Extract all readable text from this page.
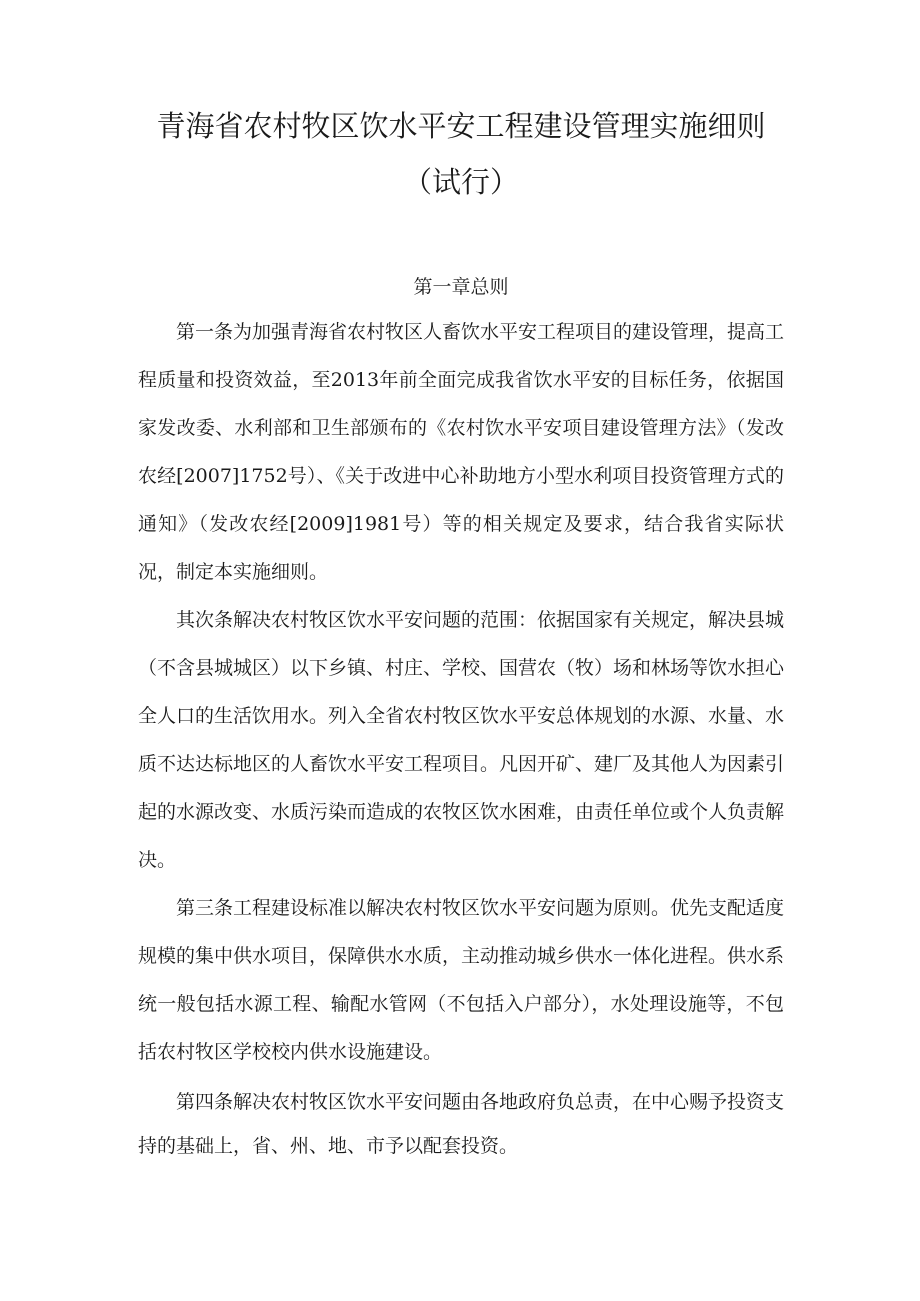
青海省农村牧区饮水平安工程建设管理实施细则
（试行）
第一章总则

第一条为加强青海省农村牧区人畜饮水平安工程项目的建设管理，提高工程质量和投资效益，至2013年前全面完成我省饮水平安的目标任务，依据国家发改委、水利部和卫生部颁布的《农村饮水平安项目建设管理方法》（发改农经[2007]1752号）、《关于改进中心补助地方小型水利项目投资管理方式的通知》（发改农经[2009]1981号）等的相关规定及要求，结合我省实际状况，制定本实施细则。

其次条解决农村牧区饮水平安问题的范围：依据国家有关规定，解决县城（不含县城城区）以下乡镇、村庄、学校、国营农（牧）场和林场等饮水担心全人口的生活饮用水。列入全省农村牧区饮水平安总体规划的水源、水量、水质不达达标地区的人畜饮水平安工程项目。凡因开矿、建厂及其他人为因素引起的水源改变、水质污染而造成的农牧区饮水困难，由责任单位或个人负责解决。

第三条工程建设标准以解决农村牧区饮水平安问题为原则。优先支配适度规模的集中供水项目，保障供水水质，主动推动城乡供水一体化进程。供水系统一般包括水源工程、输配水管网（不包括入户部分），水处理设施等，不包括农村牧区学校校内供水设施建设。

第四条解决农村牧区饮水平安问题由各地政府负总责，在中心赐予投资支持的基础上，省、州、地、市予以配套投资。
